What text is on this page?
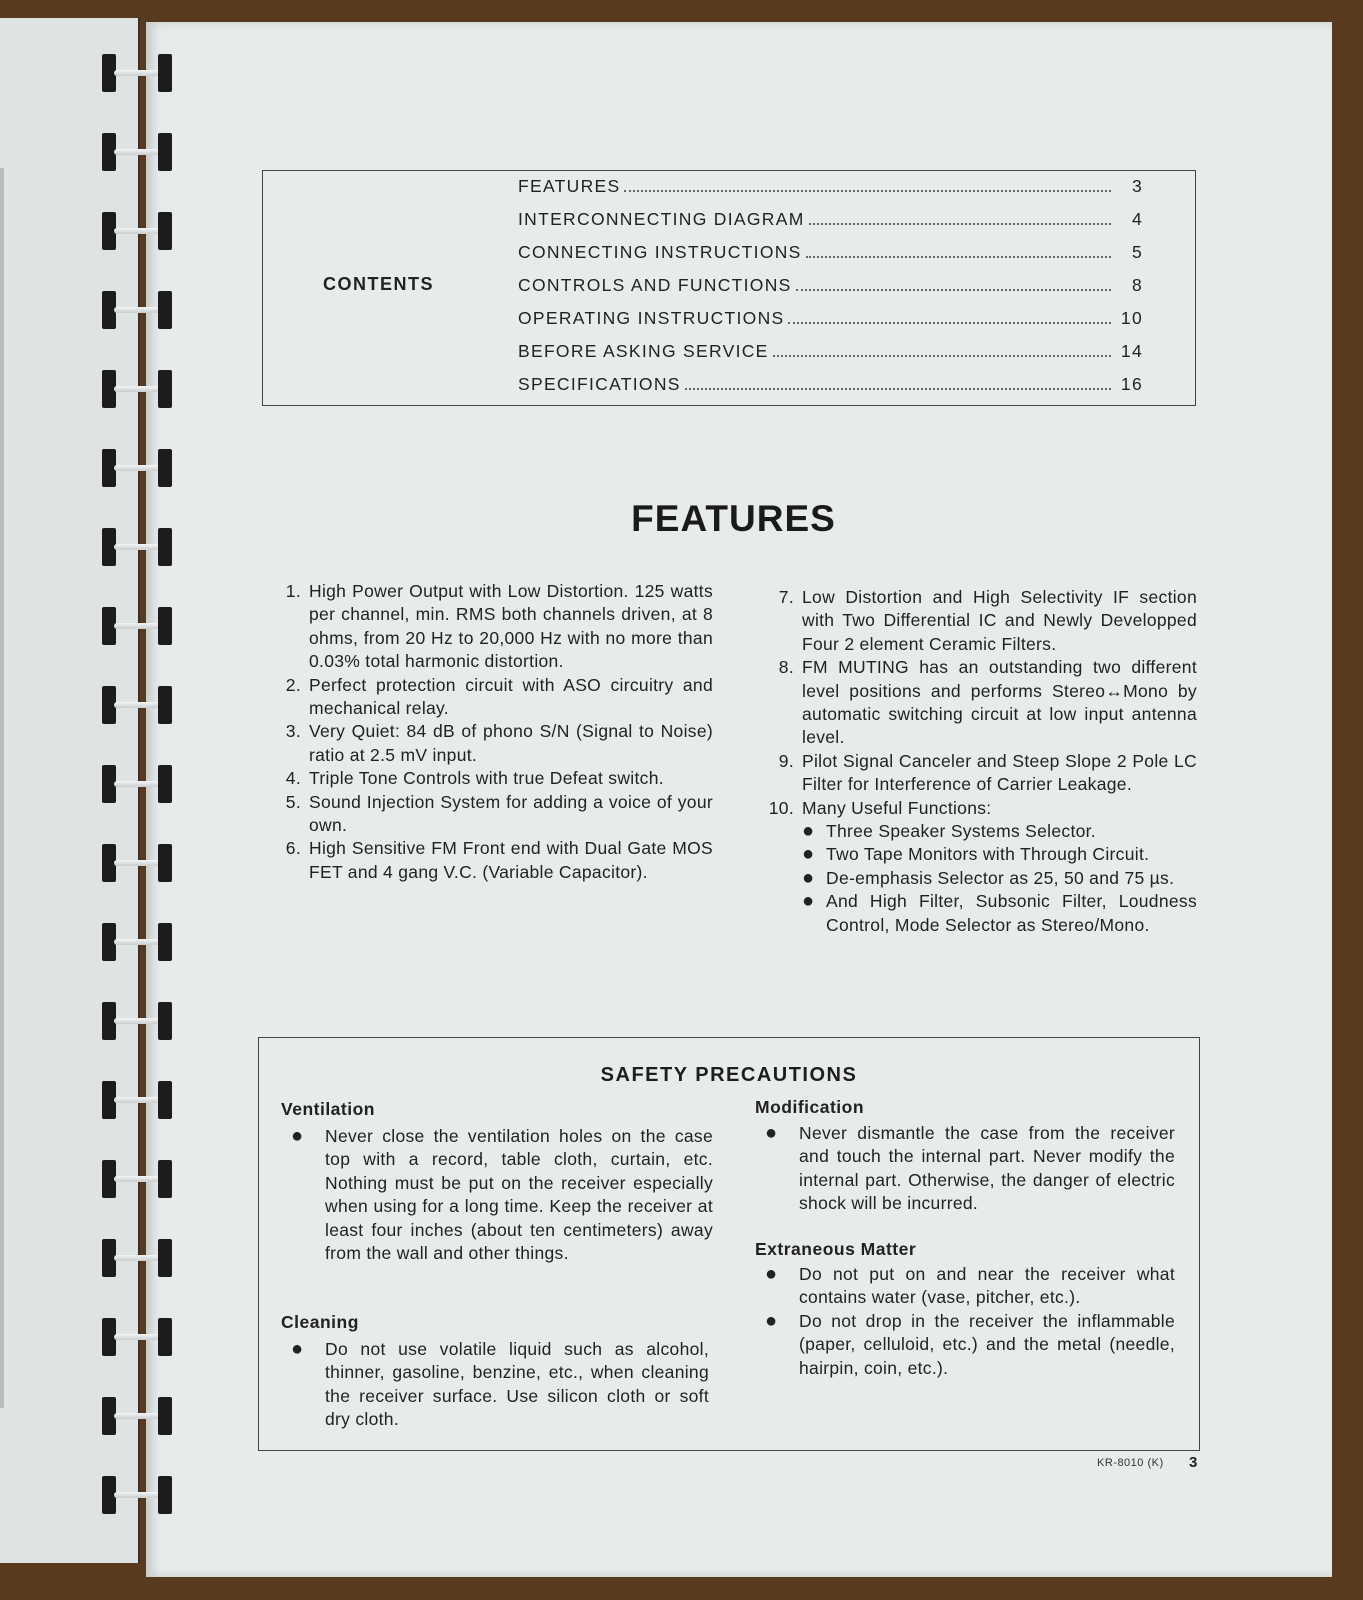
CONTENTS
FEATURES	3
INTERCONNECTING DIAGRAM	4
CONNECTING INSTRUCTIONS	5
CONTROLS AND FUNCTIONS	8
OPERATING INSTRUCTIONS	10
BEFORE ASKING SERVICE	14
SPECIFICATIONS	16
FEATURES
1. High Power Output with Low Distortion. 125 watts per channel, min. RMS both channels driven, at 8 ohms, from 20 Hz to 20,000 Hz with no more than 0.03% total harmonic distortion.
2. Perfect protection circuit with ASO circuitry and mechanical relay.
3. Very Quiet: 84 dB of phono S/N (Signal to Noise) ratio at 2.5 mV input.
4. Triple Tone Controls with true Defeat switch.
5. Sound Injection System for adding a voice of your own.
6. High Sensitive FM Front end with Dual Gate MOS FET and 4 gang V.C. (Variable Capacitor).
7. Low Distortion and High Selectivity IF section with Two Differential IC and Newly Developped Four 2 element Ceramic Filters.
8. FM MUTING has an outstanding two different level positions and performs Stereo↔Mono by automatic switching circuit at low input antenna level.
9. Pilot Signal Canceler and Steep Slope 2 Pole LC Filter for Interference of Carrier Leakage.
10. Many Useful Functions:
● Three Speaker Systems Selector.
● Two Tape Monitors with Through Circuit.
● De-emphasis Selector as 25, 50 and 75 µs.
● And High Filter, Subsonic Filter, Loudness Control, Mode Selector as Stereo/Mono.
SAFETY PRECAUTIONS
Ventilation
●	Never close the ventilation holes on the case top with a record, table cloth, curtain, etc. Nothing must be put on the receiver especially when using for a long time. Keep the receiver at least four inches (about ten centimeters) away from the wall and other things.
Cleaning
●	Do not use volatile liquid such as alcohol, thinner, gasoline, benzine, etc., when cleaning the receiver surface. Use silicon cloth or soft dry cloth.
Modification
●	Never dismantle the case from the receiver and touch the internal part. Never modify the internal part. Otherwise, the danger of electric shock will be incurred.
Extraneous Matter
●	Do not put on and near the receiver what contains water (vase, pitcher, etc.).
●	Do not drop in the receiver the inflammable (paper, celluloid, etc.) and the metal (needle, hairpin, coin, etc.).
KR-8010 (K) 3
